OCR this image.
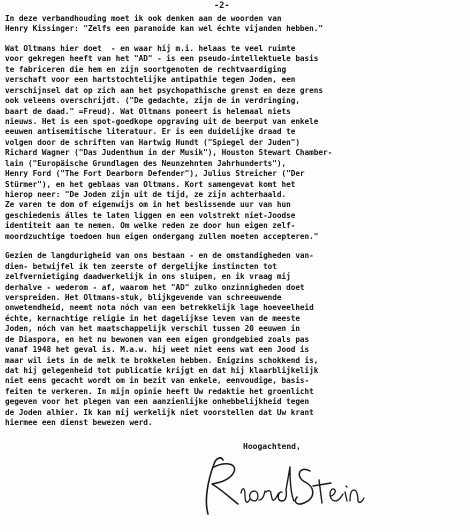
-2-
In deze verbandhouding moet ik ook denken aan de woorden van
Henry Kissinger: "Zelfs een paranoide kan wel échte vijanden hebben."
Wat Oltmans hier doet  - en waar hij m.i. helaas te veel ruimte
voor gekregen heeft van het "AD" - is een pseudo-intellektuele basis
te fabriceren die hem en zijn soortgenoten de rechtvaardiging
verschaft voor een hartstochtelijke antipathie tegen Joden, een
verschijnsel dat op zich aan het psychopathische grenst en deze grens
ook veleens overschrijdt. ("De gedachte, zijn de in verdringing,
baart de daad." =Freud). Wat Oltmans poneert is helemaal niets
nieuws. Het is een spot-goedkope opgraving uit de beerput van enkele
eeuwen antisemitische literatuur. Er is een duidelijke draad te
volgen door de schriften van Hartwig Hundt ("Spiegel der Juden")
Richard Wagner ("Das Judenthum in der Musik"), Houston Stewart Chamber-
lain ("Europäische Grundlagen des Neunzehnten Jahrhunderts"),
Henry Ford ("The Fort Dearborn Defender"), Julius Streicher ("Der
Stürmer"), en het geblaas van Oltmans. Kort samengevat komt het
hierop neer: "De Joden zijn uit de tijd, ze zijn achterhaald.
Ze varen te dom of eigenwijs om in het beslissende uur van hun
geschiedenis álles te laten liggen en een volstrekt niet-Joodse
identiteit aan te nemen. Om welke reden ze door hun eigen zelf-
moordzuchtige toedoen hun eigen ondergang zullen moeten accepteren."
Gezien de langdurigheid van ons bestaan - en de omstandigheden van-
dien- betwijfel ik ten zeerste of dergelijke instincten tot
zelfvernietiging daadwerkelijk in ons sluipen, en ik vraag mij
derhalve - wederom - af, waarom het "AD" zulko onzinnigheden doet
verspreiden. Het Oltmans-stuk, blijkgevende van schreeuwende
onwetendheid, neemt nota nóch van een betrekkelijk lage hoeveelheid
échte, kernachtige religie in het dagelijkse leven van de meeste
Joden, nóch van het maatschappelijk verschil tussen 20 eeuwen in
de Diaspora, en het nu bewonen van een eigen grondgebied zoals pas
vanaf 1948 het geval is. M.a.w. hij weet niet eens wat een Jood is
maar wil iets in de melk te brokkelen hebben. Enigzins schokkend is,
dat hij gelegenheid tot publicatie krijgt en dat hij klaarblijkelijk
niet eens gecacht wordt om in bezit van enkele, eenvoudige, basis-
feiten te verkeren. In mijn opinie heeft Uw redaktie het groenlicht
gegeven voor het plegen van een aanzienlijke onhebbelijkheid tegen
de Joden alhier. Ik kan mij werkelijk niet voorstellen dat Uw krant
hiermee een dienst bewezen werd.
Hoogachtend,
